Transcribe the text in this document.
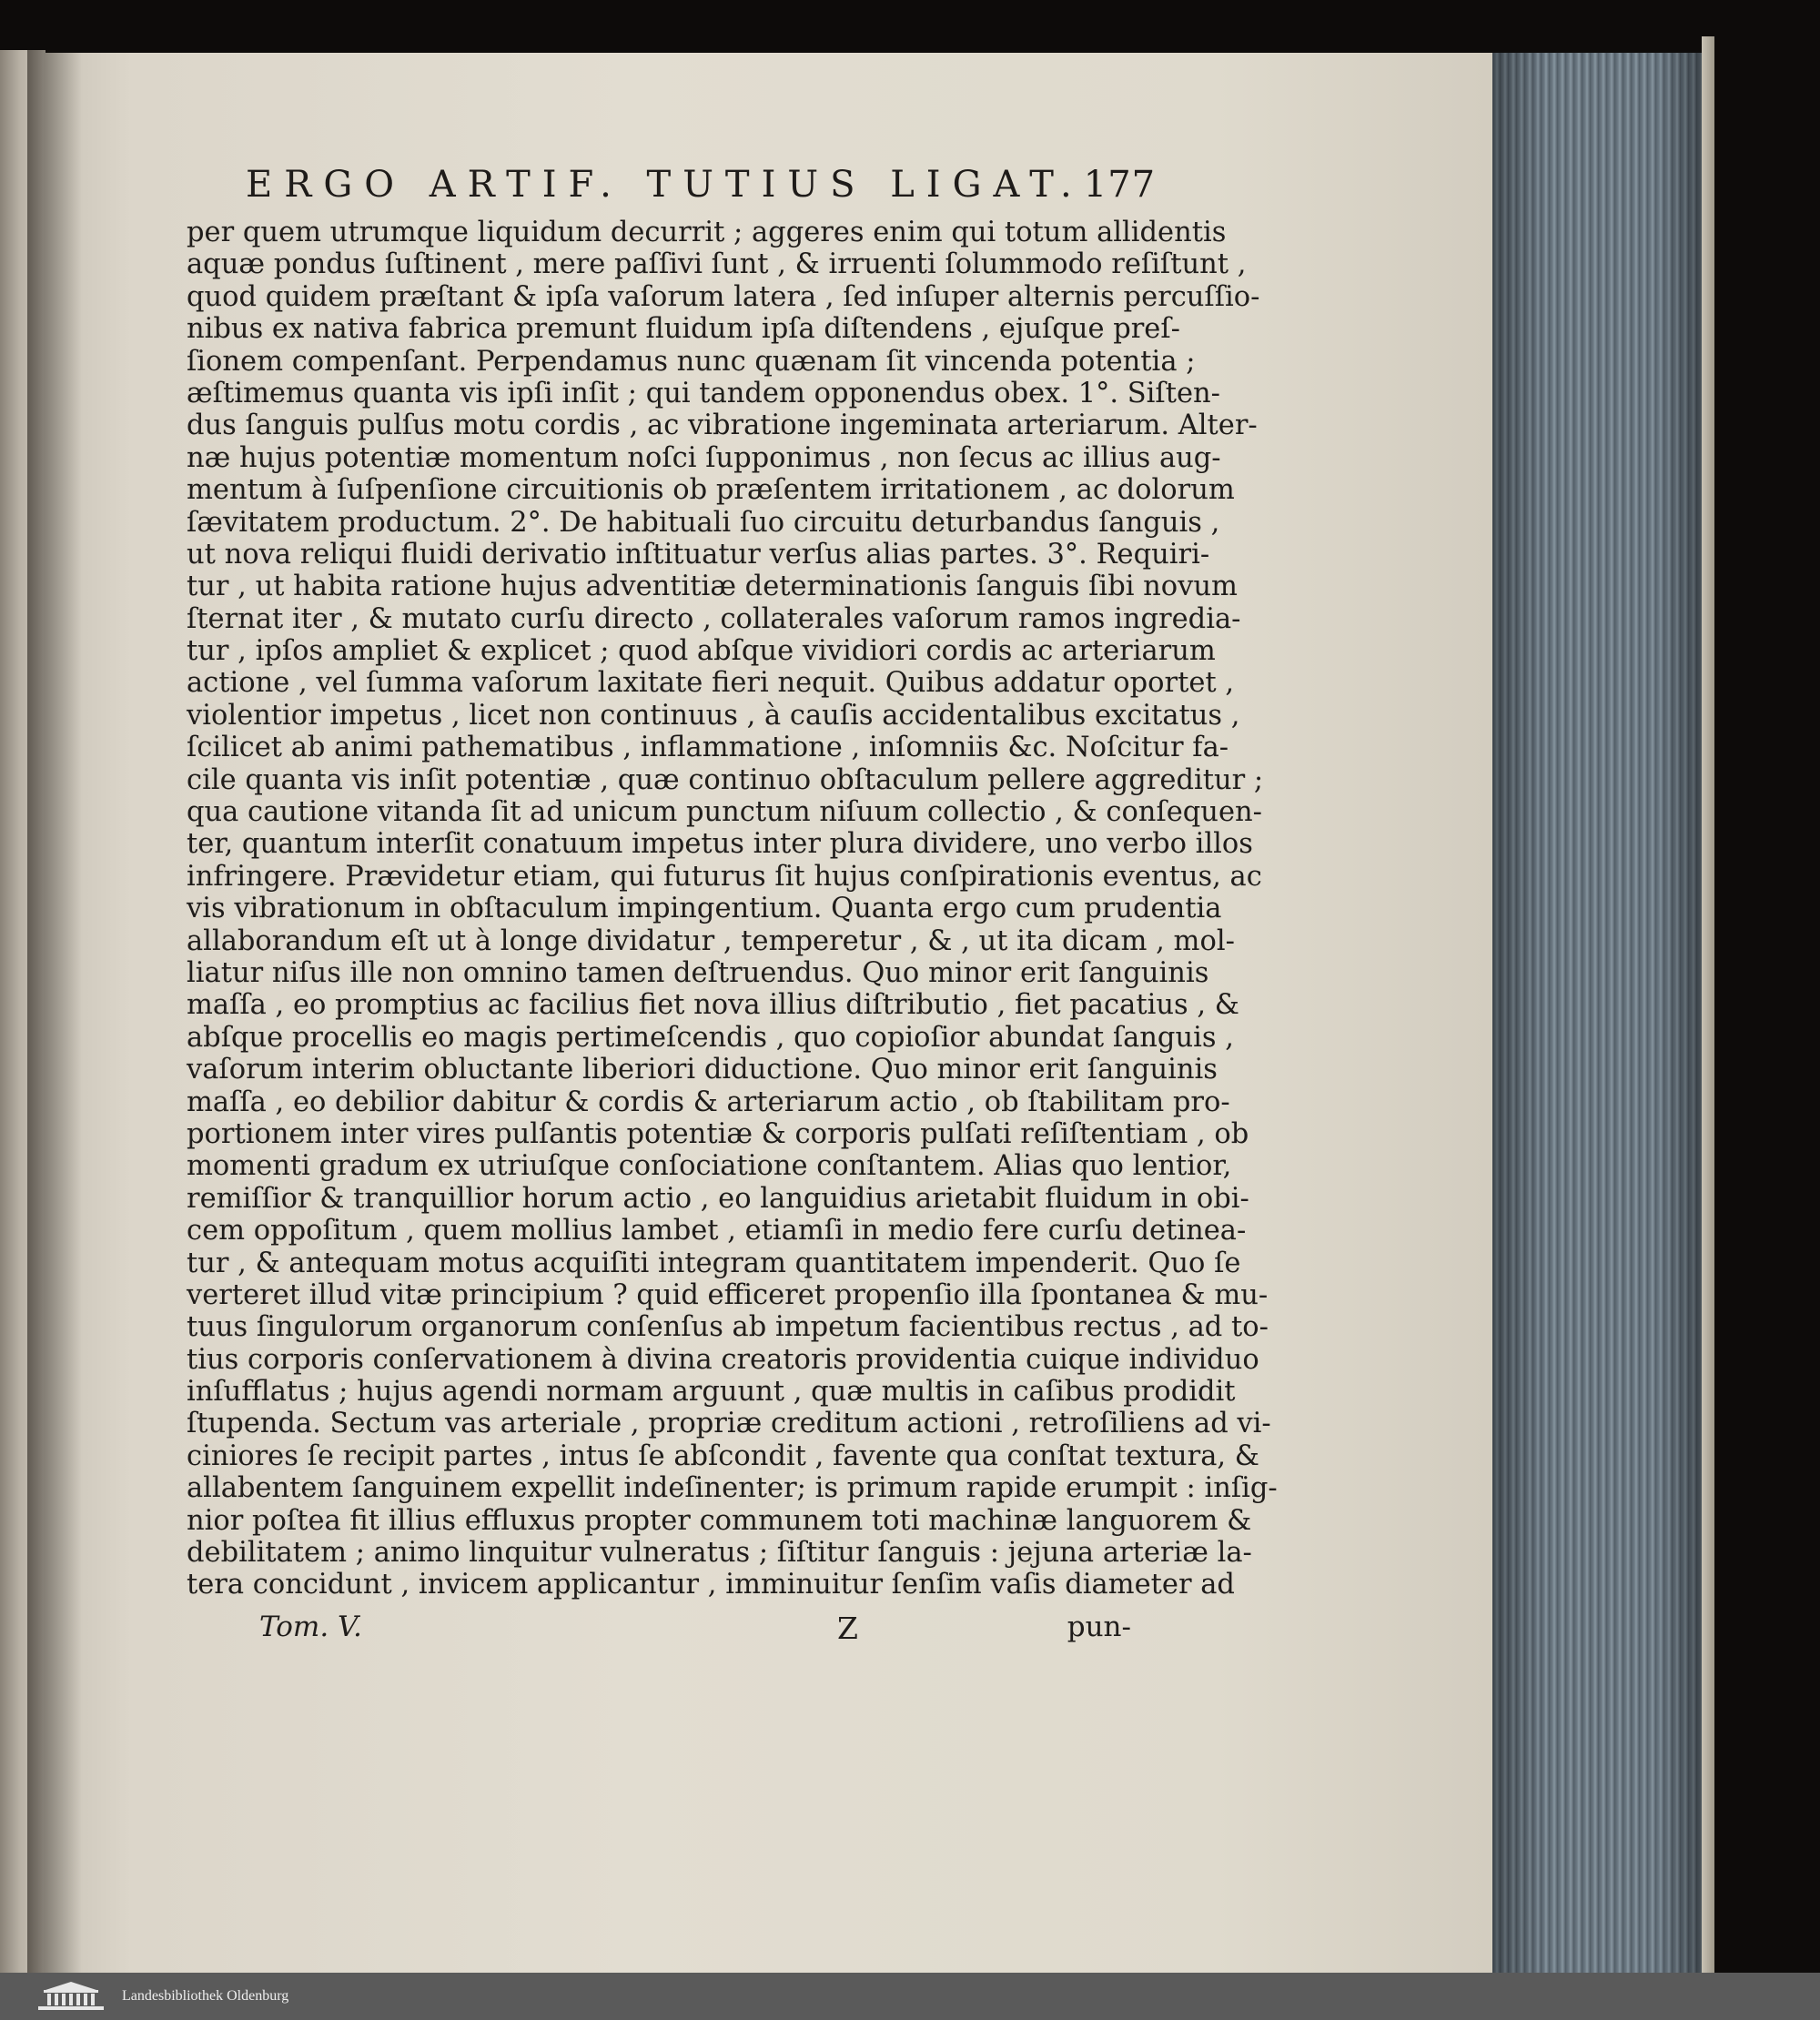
ERGO ARTIF. TUTIUS LIGAT. 177
per quem utrumque liquidum decurrit ; aggeres enim qui totum allidentis
aquæ pondus ſuſtinent , mere paſſivi ſunt , & irruenti ſolummodo reſiſtunt ,
quod quidem præſtant & ipſa vaſorum latera , ſed inſuper alternis percuſſio-
nibus ex nativa fabrica premunt fluidum ipſa diſtendens , ejuſque preſ-
ſionem compenſant. Perpendamus nunc quænam ſit vincenda potentia ;
æſtimemus quanta vis ipſi inſit ; qui tandem opponendus obex. 1°. Siſten-
dus ſanguis pulſus motu cordis , ac vibratione ingeminata arteriarum. Alter-
næ hujus potentiæ momentum noſci ſupponimus , non ſecus ac illius aug-
mentum à ſuſpenſione circuitionis ob præſentem irritationem , ac dolorum
ſævitatem productum. 2°. De habituali ſuo circuitu deturbandus ſanguis ,
ut nova reliqui fluidi derivatio inſtituatur verſus alias partes. 3°. Requiri-
tur , ut habita ratione hujus adventitiæ determinationis ſanguis ſibi novum
ſternat iter , & mutato curſu directo , collaterales vaſorum ramos ingredia-
tur , ipſos ampliet & explicet ; quod abſque vividiori cordis ac arteriarum
actione , vel ſumma vaſorum laxitate fieri nequit. Quibus addatur oportet ,
violentior impetus , licet non continuus , à cauſis accidentalibus excitatus ,
ſcilicet ab animi pathematibus , inflammatione , inſomniis &c. Noſcitur fa-
cile quanta vis inſit potentiæ , quæ continuo obſtaculum pellere aggreditur ;
qua cautione vitanda ſit ad unicum punctum niſuum collectio , & conſequen-
ter, quantum interſit conatuum impetus inter plura dividere, uno verbo illos
infringere. Prævidetur etiam, qui futurus ſit hujus conſpirationis eventus, ac
vis vibrationum in obſtaculum impingentium. Quanta ergo cum prudentia
allaborandum eſt ut à longe dividatur , temperetur , & , ut ita dicam , mol-
liatur niſus ille non omnino tamen deſtruendus. Quo minor erit ſanguinis
maſſa , eo promptius ac facilius fiet nova illius diſtributio , fiet pacatius , &
abſque procellis eo magis pertimeſcendis , quo copioſior abundat ſanguis ,
vaſorum interim obluctante liberiori diductione. Quo minor erit ſanguinis
maſſa , eo debilior dabitur & cordis & arteriarum actio , ob ſtabilitam pro-
portionem inter vires pulſantis potentiæ & corporis pulſati reſiſtentiam , ob
momenti gradum ex utriuſque conſociatione conſtantem. Alias quo lentior,
remiſſior & tranquillior horum actio , eo languidius arietabit fluidum in obi-
cem oppoſitum , quem mollius lambet , etiamſi in medio fere curſu detinea-
tur , & antequam motus acquiſiti integram quantitatem impenderit. Quo ſe
verteret illud vitæ principium ? quid efficeret propenſio illa ſpontanea & mu-
tuus ſingulorum organorum conſenſus ab impetum facientibus rectus , ad to-
tius corporis conſervationem à divina creatoris providentia cuique individuo
inſufflatus ; hujus agendi normam arguunt , quæ multis in caſibus prodidit
ſtupenda. Sectum vas arteriale , propriæ creditum actioni , retroſiliens ad vi-
ciniores ſe recipit partes , intus ſe abſcondit , favente qua conſtat textura, &
allabentem ſanguinem expellit indeſinenter; is primum rapide erumpit : inſig-
nior poſtea fit illius effluxus propter communem toti machinæ languorem &
debilitatem ; animo linquitur vulneratus ; ſiſtitur ſanguis : jejuna arteriæ la-
tera concidunt , invicem applicantur , imminuitur ſenſim vaſis diameter ad
Tom. V.	Z	pun-
Landesbibliothek Oldenburg
